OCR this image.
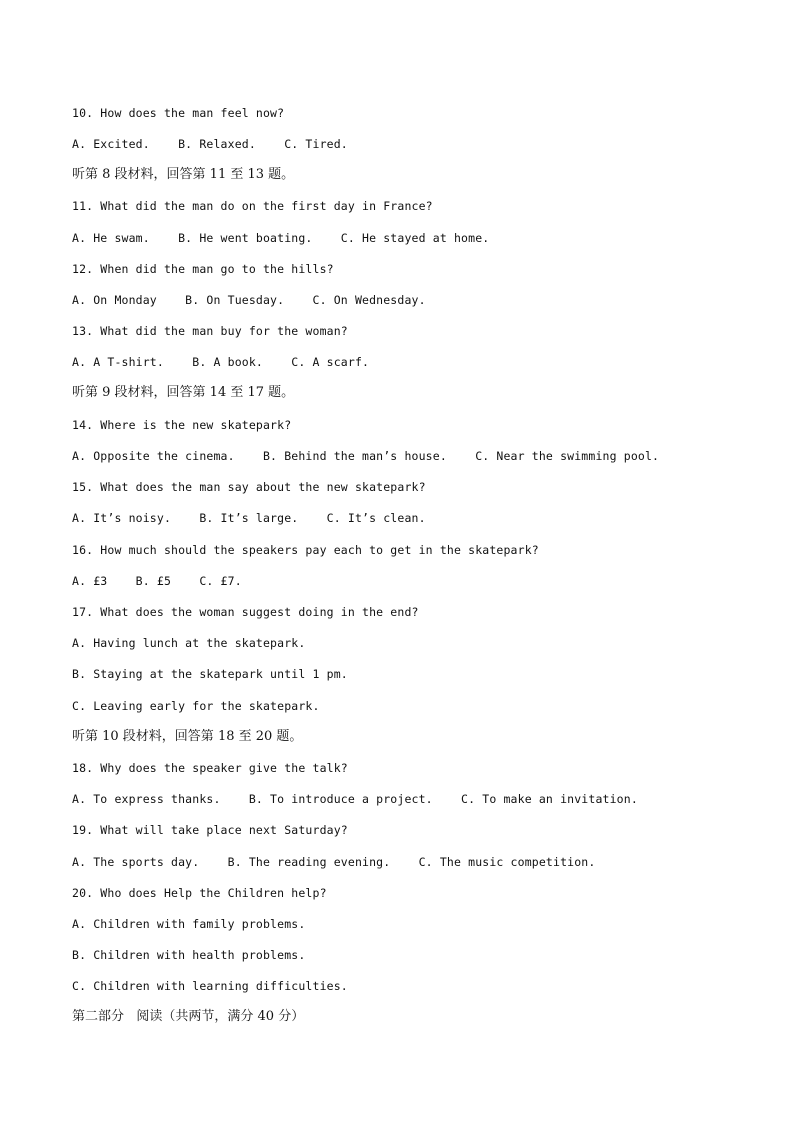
10. How does the man feel now?
A. Excited.    B. Relaxed.    C. Tired.
听第 8 段材料，回答第 11 至 13 题。
11. What did the man do on the first day in France?
A. He swam.    B. He went boating.    C. He stayed at home.
12. When did the man go to the hills?
A. On Monday    B. On Tuesday.    C. On Wednesday.
13. What did the man buy for the woman?
A. A T-shirt.    B. A book.    C. A scarf.
听第 9 段材料，回答第 14 至 17 题。
14. Where is the new skatepark?
A. Opposite the cinema.    B. Behind the man’s house.    C. Near the swimming pool.
15. What does the man say about the new skatepark?
A. It’s noisy.    B. It’s large.    C. It’s clean.
16. How much should the speakers pay each to get in the skatepark?
A. £3    B. £5    C. £7.
17. What does the woman suggest doing in the end?
A. Having lunch at the skatepark.
B. Staying at the skatepark until 1 pm.
C. Leaving early for the skatepark.
听第 10 段材料，回答第 18 至 20 题。
18. Why does the speaker give the talk?
A. To express thanks.    B. To introduce a project.    C. To make an invitation.
19. What will take place next Saturday?
A. The sports day.    B. The reading evening.    C. The music competition.
20. Who does Help the Children help?
A. Children with family problems.
B. Children with health problems.
C. Children with learning difficulties.
第二部分   阅读（共两节，满分 40 分）
